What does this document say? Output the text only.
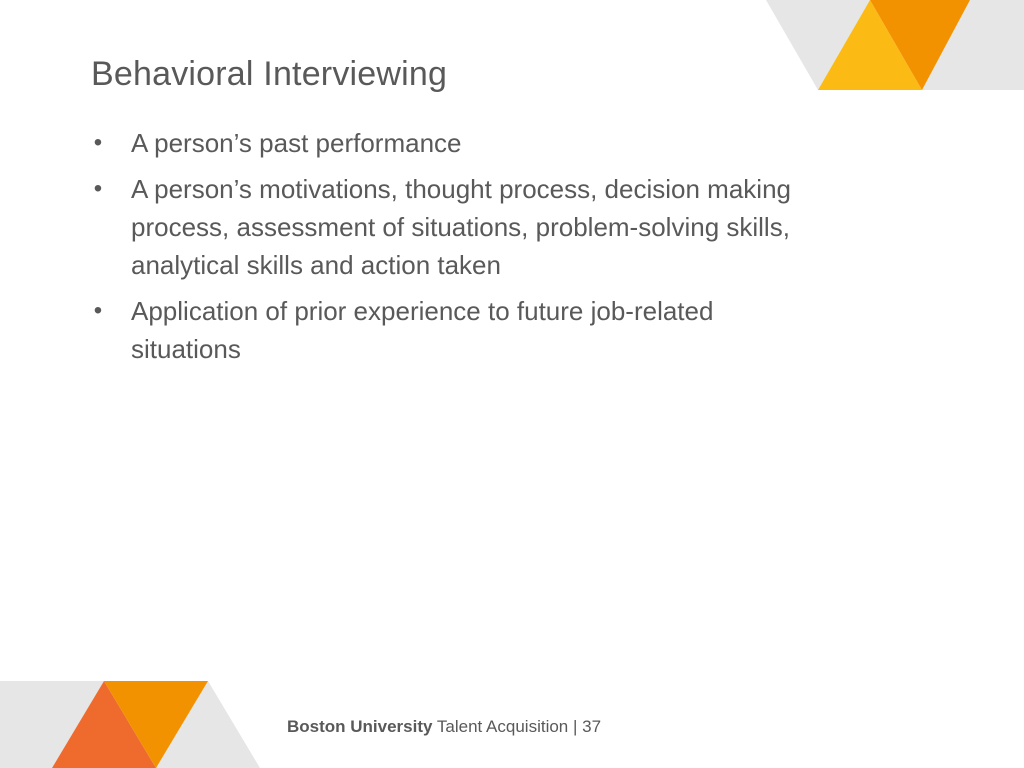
Behavioral Interviewing
• A person’s past performance
• A person’s motivations, thought process, decision making process, assessment of situations, problem-solving skills, analytical skills and action taken
• Application of prior experience to future job-related situations
Boston University Talent Acquisition | 37
